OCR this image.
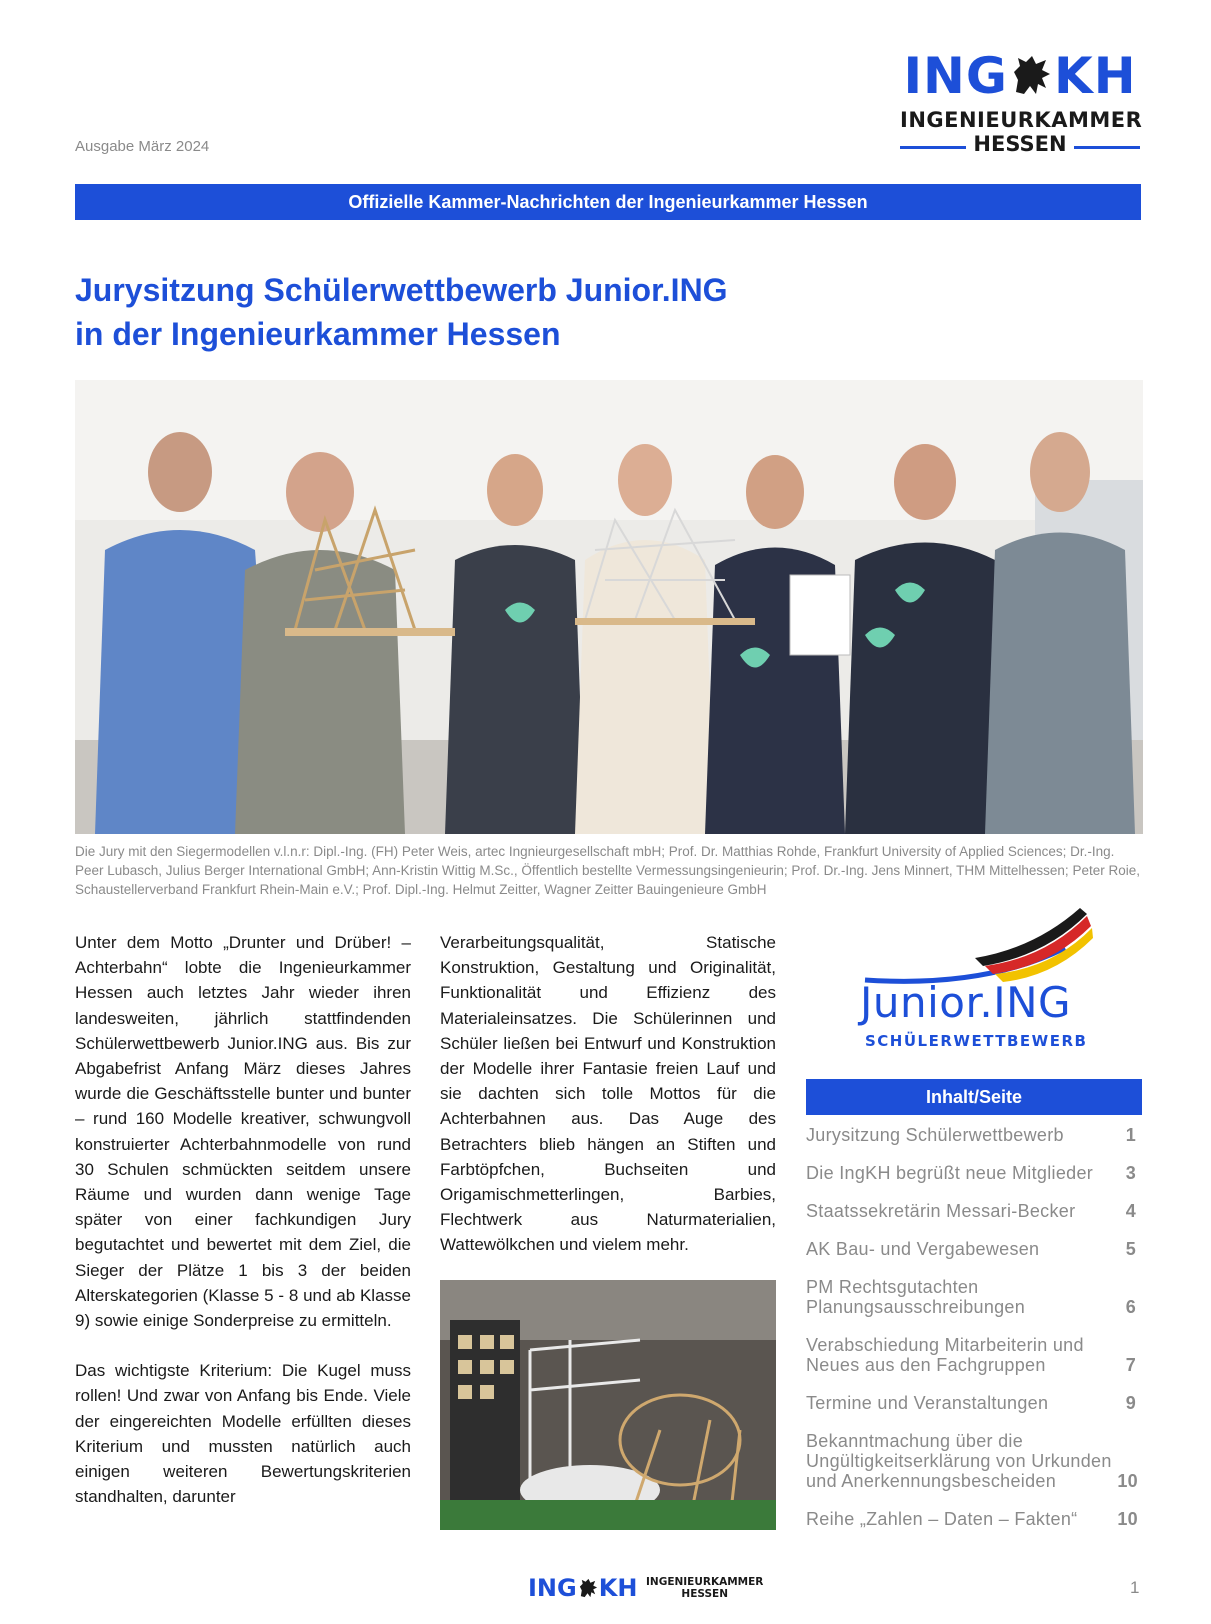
Ausgabe März 2024
ING KH
INGENIEURKAMMER
HESSEN
Offizielle Kammer-Nachrichten der Ingenieurkammer Hessen
Jurysitzung Schülerwettbewerb Junior.ING
in der Ingenieurkammer Hessen
Die Jury mit den Siegermodellen v.l.n.r: Dipl.-Ing. (FH) Peter Weis, artec Ingnieurgesellschaft mbH; Prof. Dr. Matthias Rohde, Frankfurt University of Applied Sciences; Dr.-Ing. Peer Lubasch, Julius Berger International GmbH; Ann-Kristin Wittig M.Sc., Öffentlich bestellte Vermessungsingenieurin; Prof. Dr.-Ing. Jens Minnert, THM Mittelhessen; Peter Roie, Schaustellerverband Frankfurt Rhein-Main e.V.; Prof. Dipl.-Ing. Helmut Zeitter, Wagner Zeitter Bauingenieure GmbH

Unter dem Motto „Drunter und Drüber! – Achterbahn“ lobte die Ingenieurkammer Hessen auch letztes Jahr wieder ihren landesweiten, jährlich stattfindenden Schülerwettbewerb Junior.ING aus. Bis zur Abgabefrist Anfang März dieses Jahres wurde die Geschäftsstelle bunter und bunter – rund 160 Modelle kreativer, schwungvoll konstruierter Achterbahnmodelle von rund 30 Schulen schmückten seitdem unsere Räume und wurden dann wenige Tage später von einer fachkundigen Jury begutachtet und bewertet mit dem Ziel, die Sieger der Plätze 1 bis 3 der beiden Alterskategorien (Klasse 5 - 8 und ab Klasse 9) sowie einige Sonderpreise zu ermitteln.

Das wichtigste Kriterium: Die Kugel muss rollen! Und zwar von Anfang bis Ende. Viele der eingereichten Modelle erfüllten dieses Kriterium und mussten natürlich auch einigen weiteren Bewertungskriterien standhalten, darunter

Verarbeitungsqualität, Statische Konstruktion, Gestaltung und Originalität, Funktionalität und Effizienz des Materialeinsatzes. Die Schülerinnen und Schüler ließen bei Entwurf und Konstruktion der Modelle ihrer Fantasie freien Lauf und sie dachten sich tolle Mottos für die Achterbahnen aus. Das Auge des Betrachters blieb hängen an Stiften und Farbtöpfchen, Buchseiten und Origamischmetterlingen, Barbies, Flechtwerk aus Naturmaterialien, Wattewölkchen und vielem mehr.

Junior.ING
SCHÜLERWETTBEWERB
Inhalt/Seite
Jurysitzung Schülerwettbewerb	1
Die IngKH begrüßt neue Mitglieder	3
Staatssekretärin Messari-Becker	4
AK Bau- und Vergabewesen	5
PM Rechtsgutachten Planungsausschreibungen	6
Verabschiedung Mitarbeiterin und Neues aus den Fachgruppen	7
Termine und Veranstaltungen	9
Bekanntmachung über die Ungültigkeitserklärung von Urkunden und Anerkennungsbescheiden	10
Reihe „Zahlen – Daten – Fakten“	10
ING KH INGENIEURKAMMER
HESSEN	1
